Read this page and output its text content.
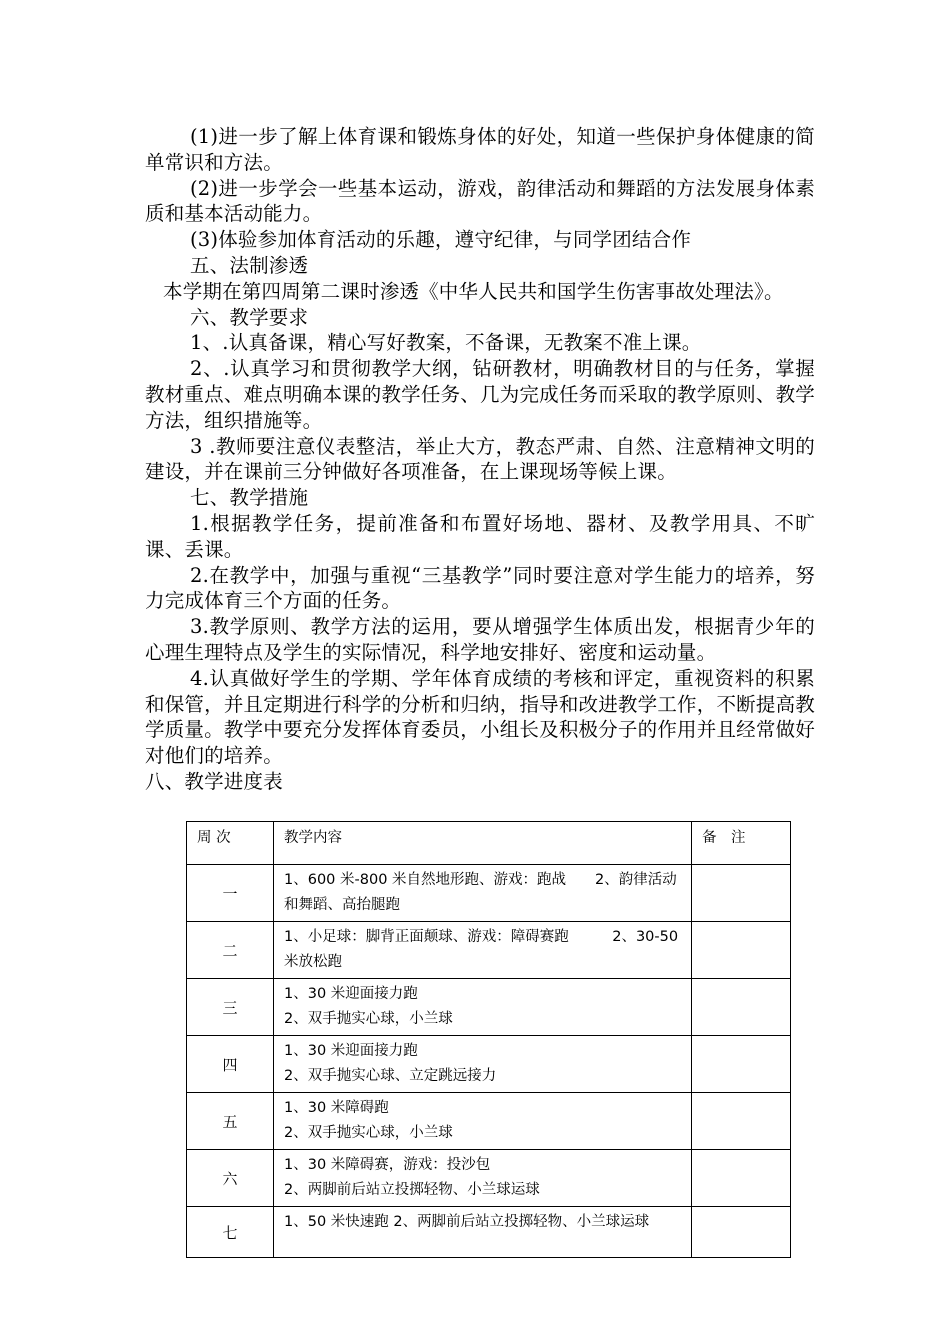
(1)进一步了解上体育课和锻炼身体的好处，知道一些保护身体健康的简单常识和方法。

(2)进一步学会一些基本运动，游戏，韵律活动和舞蹈的方法发展身体素质和基本活动能力。

(3)体验参加体育活动的乐趣，遵守纪律，与同学团结合作

五、法制渗透

本学期在第四周第二课时渗透《中华人民共和国学生伤害事故处理法》。

六、教学要求

1、.认真备课，精心写好教案，不备课，无教案不准上课。

2、.认真学习和贯彻教学大纲，钻研教材，明确教材目的与任务，掌握教材重点、难点明确本课的教学任务、几为完成任务而采取的教学原则、教学方法，组织措施等。

3 .教师要注意仪表整洁，举止大方，教态严肃、自然、注意精神文明的建设，并在课前三分钟做好各项准备，在上课现场等候上课。

七、教学措施

1.根据教学任务，提前准备和布置好场地、器材、及教学用具、不旷课、丢课。

2.在教学中，加强与重视“三基教学”同时要注意对学生能力的培养，努力完成体育三个方面的任务。

3.教学原则、教学方法的运用，要从增强学生体质出发，根据青少年的心理生理特点及学生的实际情况，科学地安排好、密度和运动量。

4.认真做好学生的学期、学年体育成绩的考核和评定，重视资料的积累和保管，并且定期进行科学的分析和归纳，指导和改进教学工作，不断提高教学质量。教学中要充分发挥体育委员，小组长及积极分子的作用并且经常做好对他们的培养。

八、教学进度表

周 次	教学内容	备　注
一	1、600 米-800 米自然地形跑、游戏：跑战　　2、韵律活动
和舞蹈、高抬腿跑	

二	1、小足球：脚背正面颠球、游戏：障碍赛跑　　　2、30-50
米放松跑	

三	1、30 米迎面接力跑
2、双手抛实心球，小兰球	

四	1、30 米迎面接力跑
2、双手抛实心球、立定跳远接力	

五	1、30 米障碍跑
2、双手抛实心球，小兰球	

六	1、30 米障碍赛，游戏：投沙包
2、两脚前后站立投掷轻物、小兰球运球	

七	1、50 米快速跑 2、两脚前后站立投掷轻物、小兰球运球	
